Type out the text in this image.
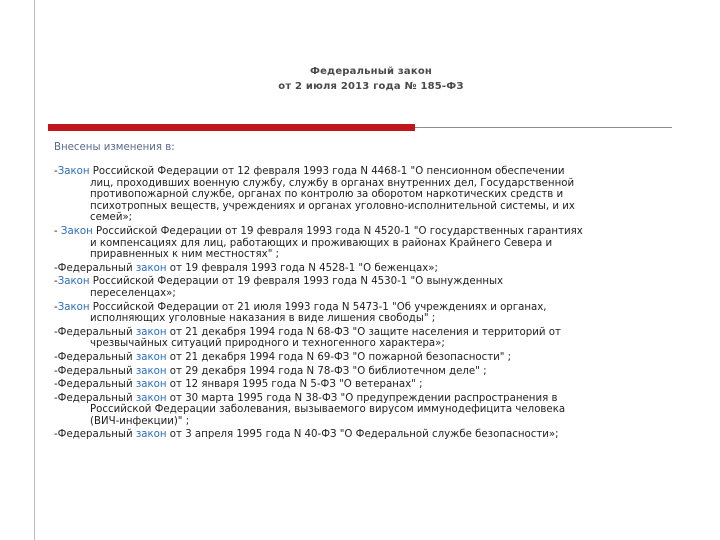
Федеральный закон
от 2 июля 2013 года № 185-ФЗ
Внесены изменения в:
-Закон Российской Федерации от 12 февраля 1993 года N 4468-1 "О пенсионном обеспечении
лиц, проходивших военную службу, службу в органах внутренних дел, Государственной
противопожарной службе, органах по контролю за оборотом наркотических средств и
психотропных веществ, учреждениях и органах уголовно-исполнительной системы, и их
семей»;
- Закон Российской Федерации от 19 февраля 1993 года N 4520-1 "О государственных гарантиях
и компенсациях для лиц, работающих и проживающих в районах Крайнего Севера и
приравненных к ним местностях" ;
-Федеральный закон от 19 февраля 1993 года N 4528-1 "О беженцах»;
-Закон Российской Федерации от 19 февраля 1993 года N 4530-1 "О вынужденных
переселенцах»;
-Закон Российской Федерации от 21 июля 1993 года N 5473-1 "Об учреждениях и органах,
исполняющих уголовные наказания в виде лишения свободы" ;
-Федеральный закон от 21 декабря 1994 года N 68-ФЗ "О защите населения и территорий от
чрезвычайных ситуаций природного и техногенного характера»;
-Федеральный закон от 21 декабря 1994 года N 69-ФЗ "О пожарной безопасности" ;
-Федеральный закон от 29 декабря 1994 года N 78-ФЗ "О библиотечном деле" ;
-Федеральный закон от 12 января 1995 года N 5-ФЗ "О ветеранах" ;
-Федеральный закон от 30 марта 1995 года N 38-ФЗ "О предупреждении распространения в
Российской Федерации заболевания, вызываемого вирусом иммунодефицита человека
(ВИЧ-инфекции)" ;
-Федеральный закон от 3 апреля 1995 года N 40-ФЗ "О Федеральной службе безопасности»;
